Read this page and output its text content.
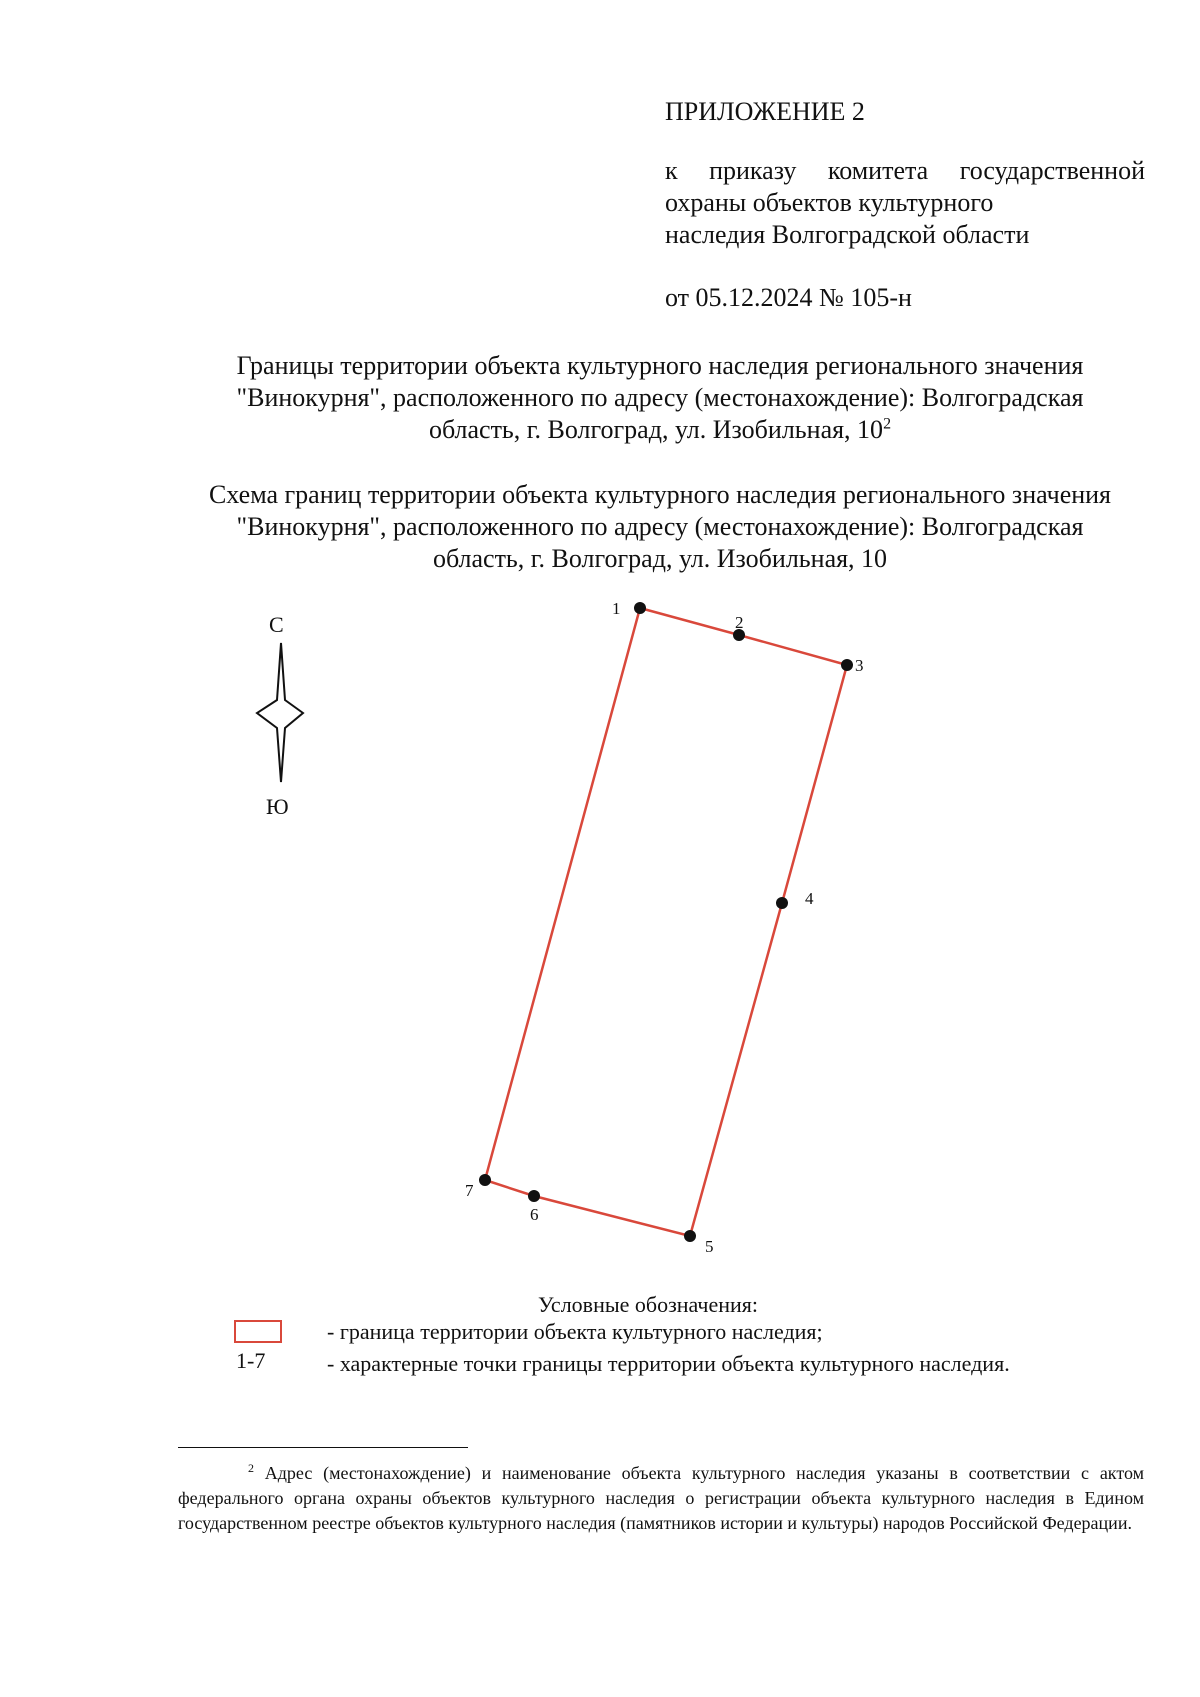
ПРИЛОЖЕНИЕ 2
к приказу комитета государственной
охраны объектов культурного
наследия Волгоградской области
от 05.12.2024 № 105-н
Границы территории объекта культурного наследия регионального значения "Винокурня", расположенного по адресу (местонахождение): Волгоградская область, г. Волгоград, ул. Изобильная, $10^2$
Схема границ территории объекта культурного наследия регионального значения "Винокурня", расположенного по адресу (местонахождение): Волгоградская область, г. Волгоград, ул. Изобильная, 10
С
Ю
1
2
3
4
5
6
7
Условные обозначения:
- граница территории объекта культурного наследия;
1-7	- характерные точки границы территории объекта культурного наследия.
$^2$ Адрес (местонахождение) и наименование объекта культурного наследия указаны в соответствии с актом федерального органа охраны объектов культурного наследия о регистрации объекта культурного наследия в Едином государственном реестре объектов культурного наследия (памятников истории и культуры) народов Российской Федерации.
